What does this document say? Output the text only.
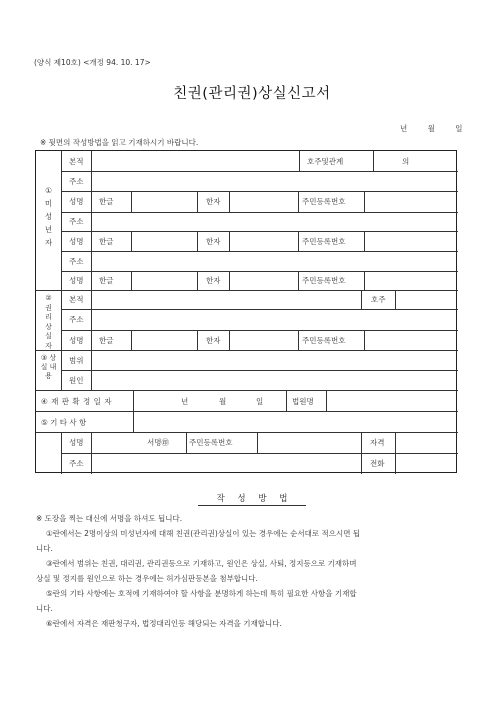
(양식 제10호) <개정 94. 10. 17>
친권(관리권)상실신고서
년	월	일
※ 뒷면의 작성방법을 읽고 기재하시기 바랍니다.
① 미 성 년 자
②권 리 상 실 자
③ 상실 내용
본적	호주및관계	의
주소
성명 한글	한자	주민등록번호
주소
성명 한글	한자	주민등록번호
주소
성명 한글	한자	주민등록번호
본적	호주
주소
성명 한글	한자	주민등록번호
범위
원인
④ 재 판 확 정 일 자	년	월	일	법원명
⑤ 기 타 사 항
성명	서명㊞	주민등록번호	자격
주소	전화
작 성 방 법
※ 도장을 찍는 대신에 서명을 하셔도 됩니다.
①란에서는 2명이상의 미성년자에 대해 친권(관리권)상실이 있는 경우에는 순서대로 적으시면 됩
니다.
③란에서 범위는 친권, 대리권, 관리권등으로 기재하고, 원인은 상실, 사퇴, 정지등으로 기재하며
상실 및 정지를 원인으로 하는 경우에는 허가심판등본을 첨부합니다.
⑤란의 기타 사항에는 호적에 기재하여야 할 사항을 분명하게 하는데 특히 필요한 사항을 기재합
니다.
⑥란에서 자격은 재판청구자, 법정대리인등 해당되는 자격을 기재합니다.
